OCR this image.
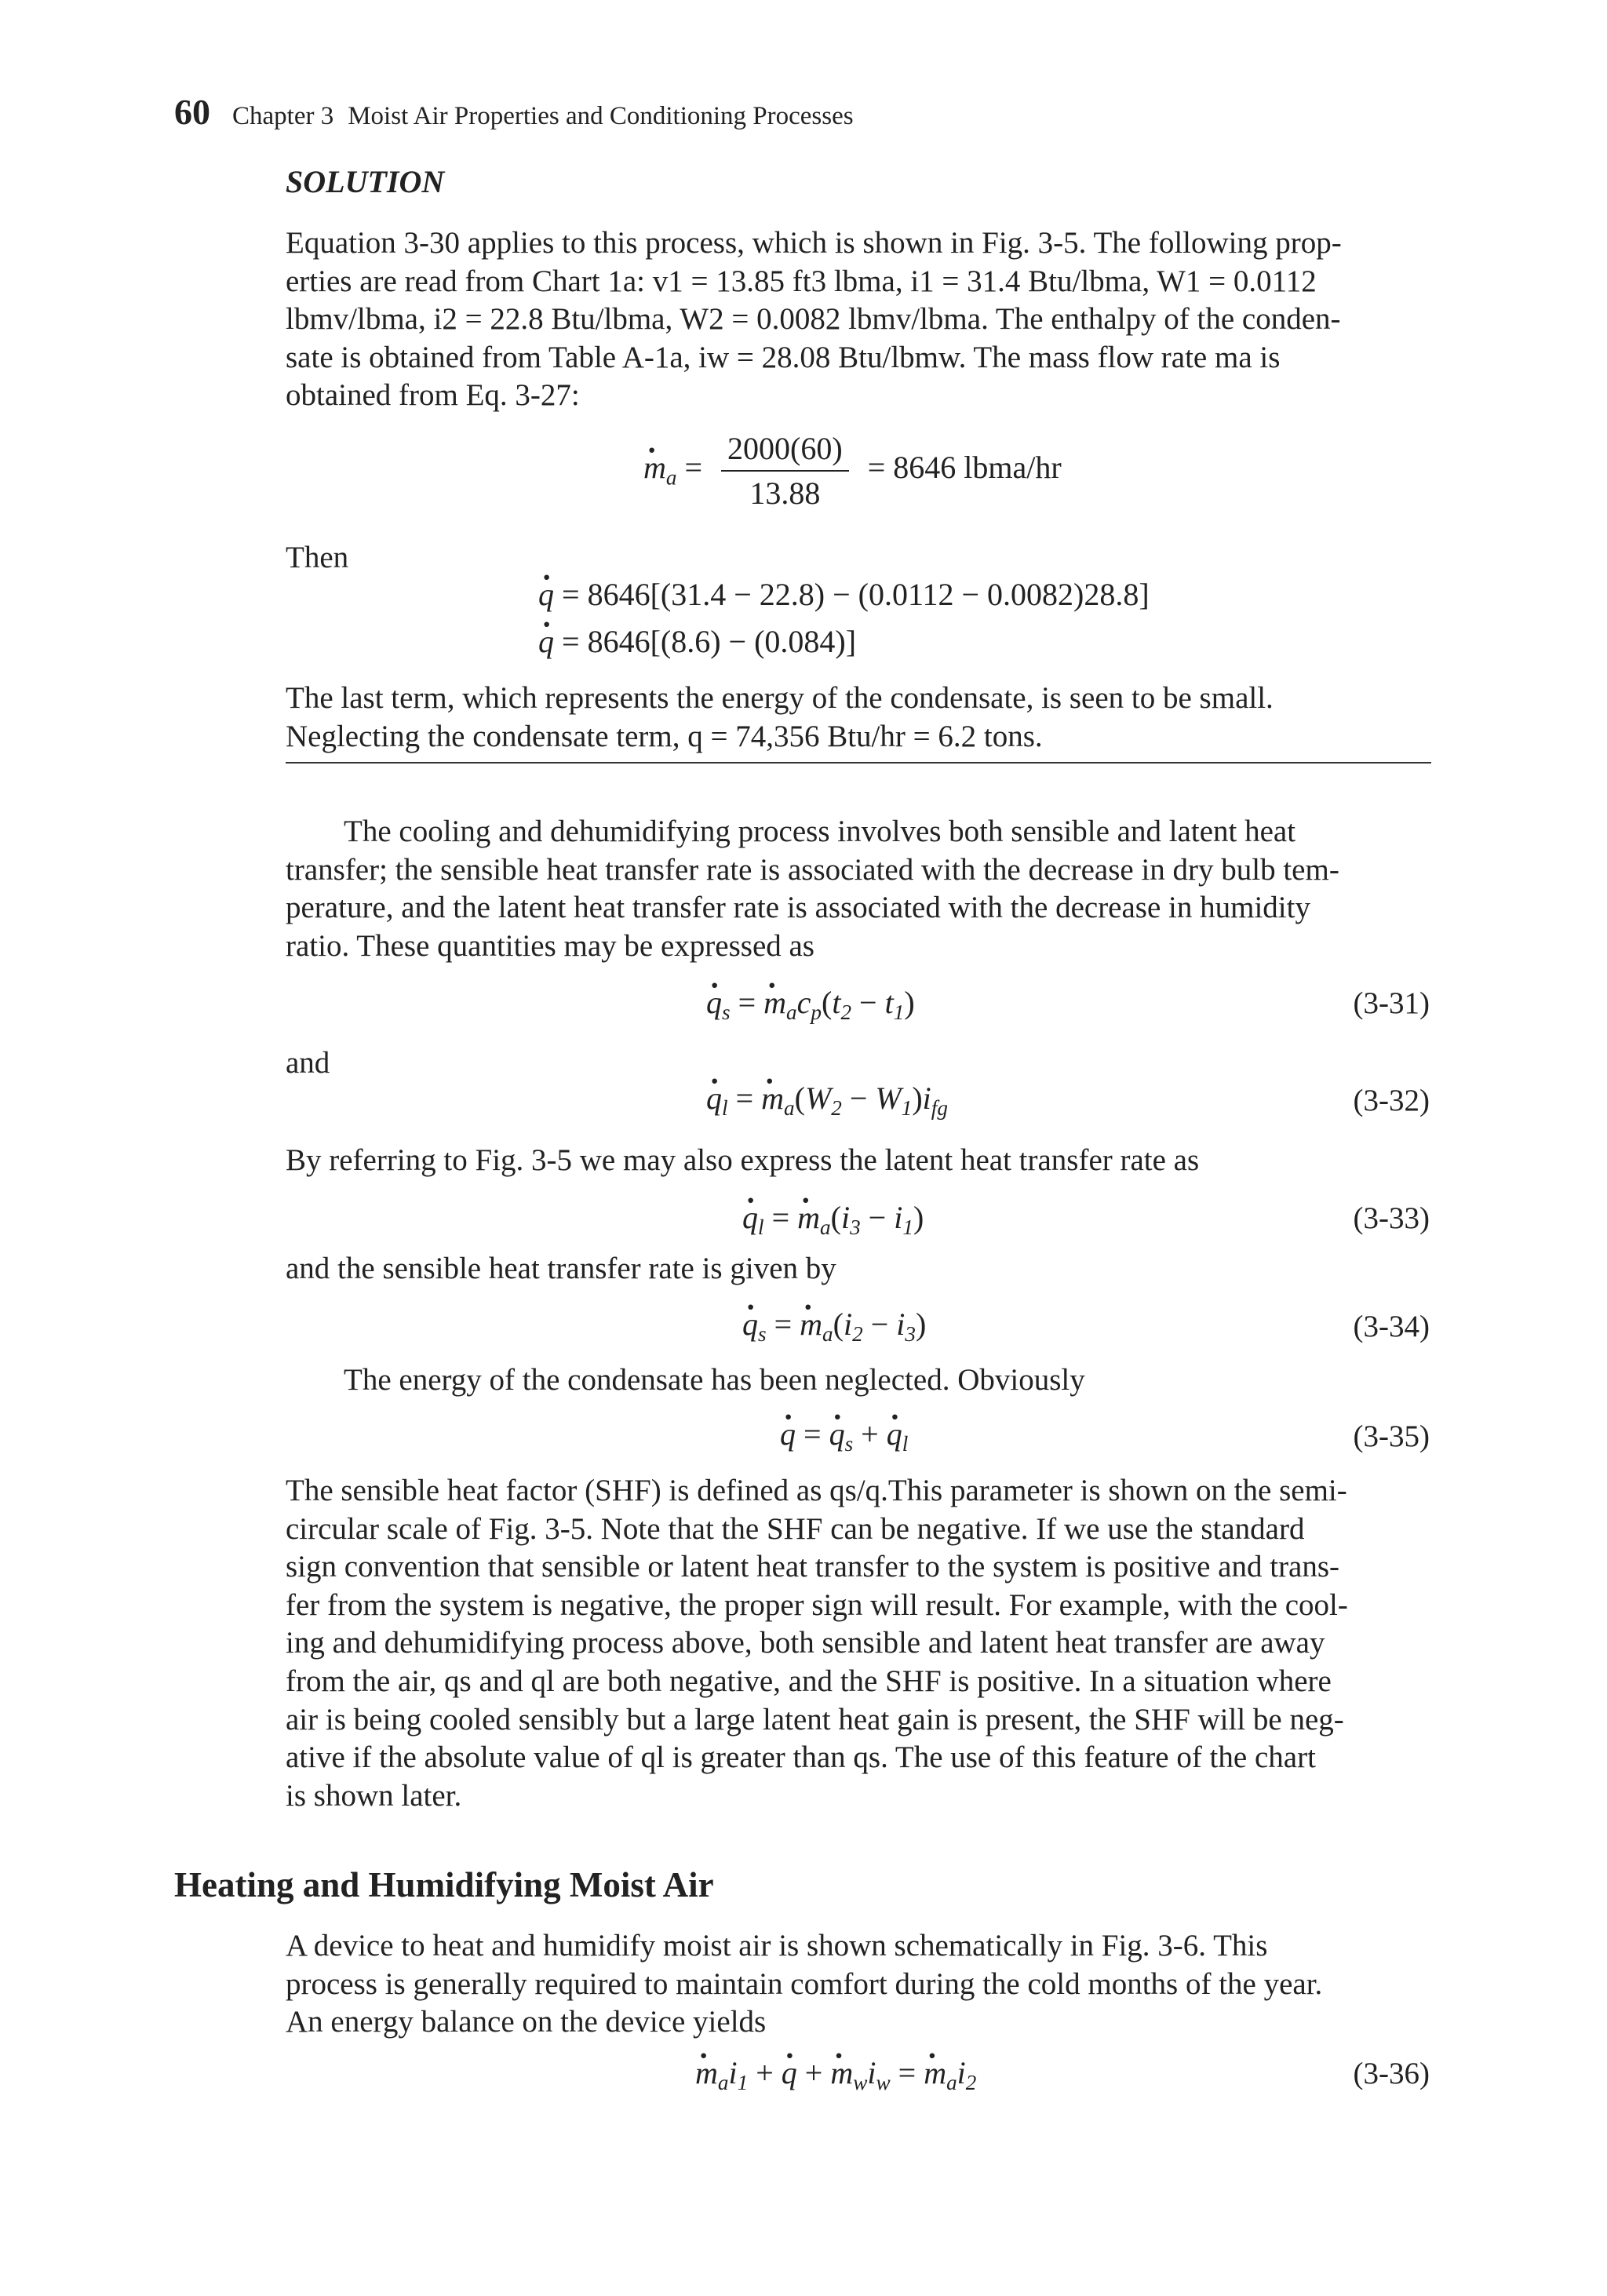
60 Chapter 3 Moist Air Properties and Conditioning Processes
SOLUTION
Equation 3-30 applies to this process, which is shown in Fig. 3-5. The following prop-
erties are read from Chart 1a: v1 = 13.85 ft3 lbma, i1 = 31.4 Btu/lbma, W1 = 0.0112
lbmv/lbma, i2 = 22.8 Btu/lbma, W2 = 0.0082 lbmv/lbma. The enthalpy of the conden-
sate is obtained from Table A-1a, iw = 28.08 Btu/lbmw. The mass flow rate ma is
obtained from Eq. 3-27:
· $m_a = \frac{2000(60)}{13.88} = 8646$ lbma/hr
Then
· q = 8646[(31.4 − 22.8) − (0.0112 − 0.0082)28.8]
· q = 8646[(8.6) − (0.084)]
The last term, which represents the energy of the condensate, is seen to be small.
Neglecting the condensate term, q = 74,356 Btu/hr = 6.2 tons.
The cooling and dehumidifying process involves both sensible and latent heat
transfer; the sensible heat transfer rate is associated with the decrease in dry bulb tem-
perature, and the latent heat transfer rate is associated with the decrease in humidity
ratio. These quantities may be expressed as
· $q_s$ = · $m_ac_p(t_2 - t_1)$	(3-31)
and
· $q_l$ = · $m_a(W_2 - W_1)i_{fg}$	(3-32)
By referring to Fig. 3-5 we may also express the latent heat transfer rate as
· $q_l$ = · $m_a(i_3 - i_1)$	(3-33)
and the sensible heat transfer rate is given by
· $q_s$ = · $m_a(i_2 - i_3)$	(3-34)
The energy of the condensate has been neglected. Obviously
· q = · $q_s$ + · $q_l$	(3-35)
The sensible heat factor (SHF) is defined as qs/q.This parameter is shown on the semi-
circular scale of Fig. 3-5. Note that the SHF can be negative. If we use the standard
sign convention that sensible or latent heat transfer to the system is positive and trans-
fer from the system is negative, the proper sign will result. For example, with the cool-
ing and dehumidifying process above, both sensible and latent heat transfer are away
from the air, qs and ql are both negative, and the SHF is positive. In a situation where
air is being cooled sensibly but a large latent heat gain is present, the SHF will be neg-
ative if the absolute value of ql is greater than qs. The use of this feature of the chart
is shown later.
Heating and Humidifying Moist Air
A device to heat and humidify moist air is shown schematically in Fig. 3-6. This
process is generally required to maintain comfort during the cold months of the year.
An energy balance on the device yields
· $m_ai_1$ + · q + · $m_wi_w$ = · $m_ai_2$	(3-36)
